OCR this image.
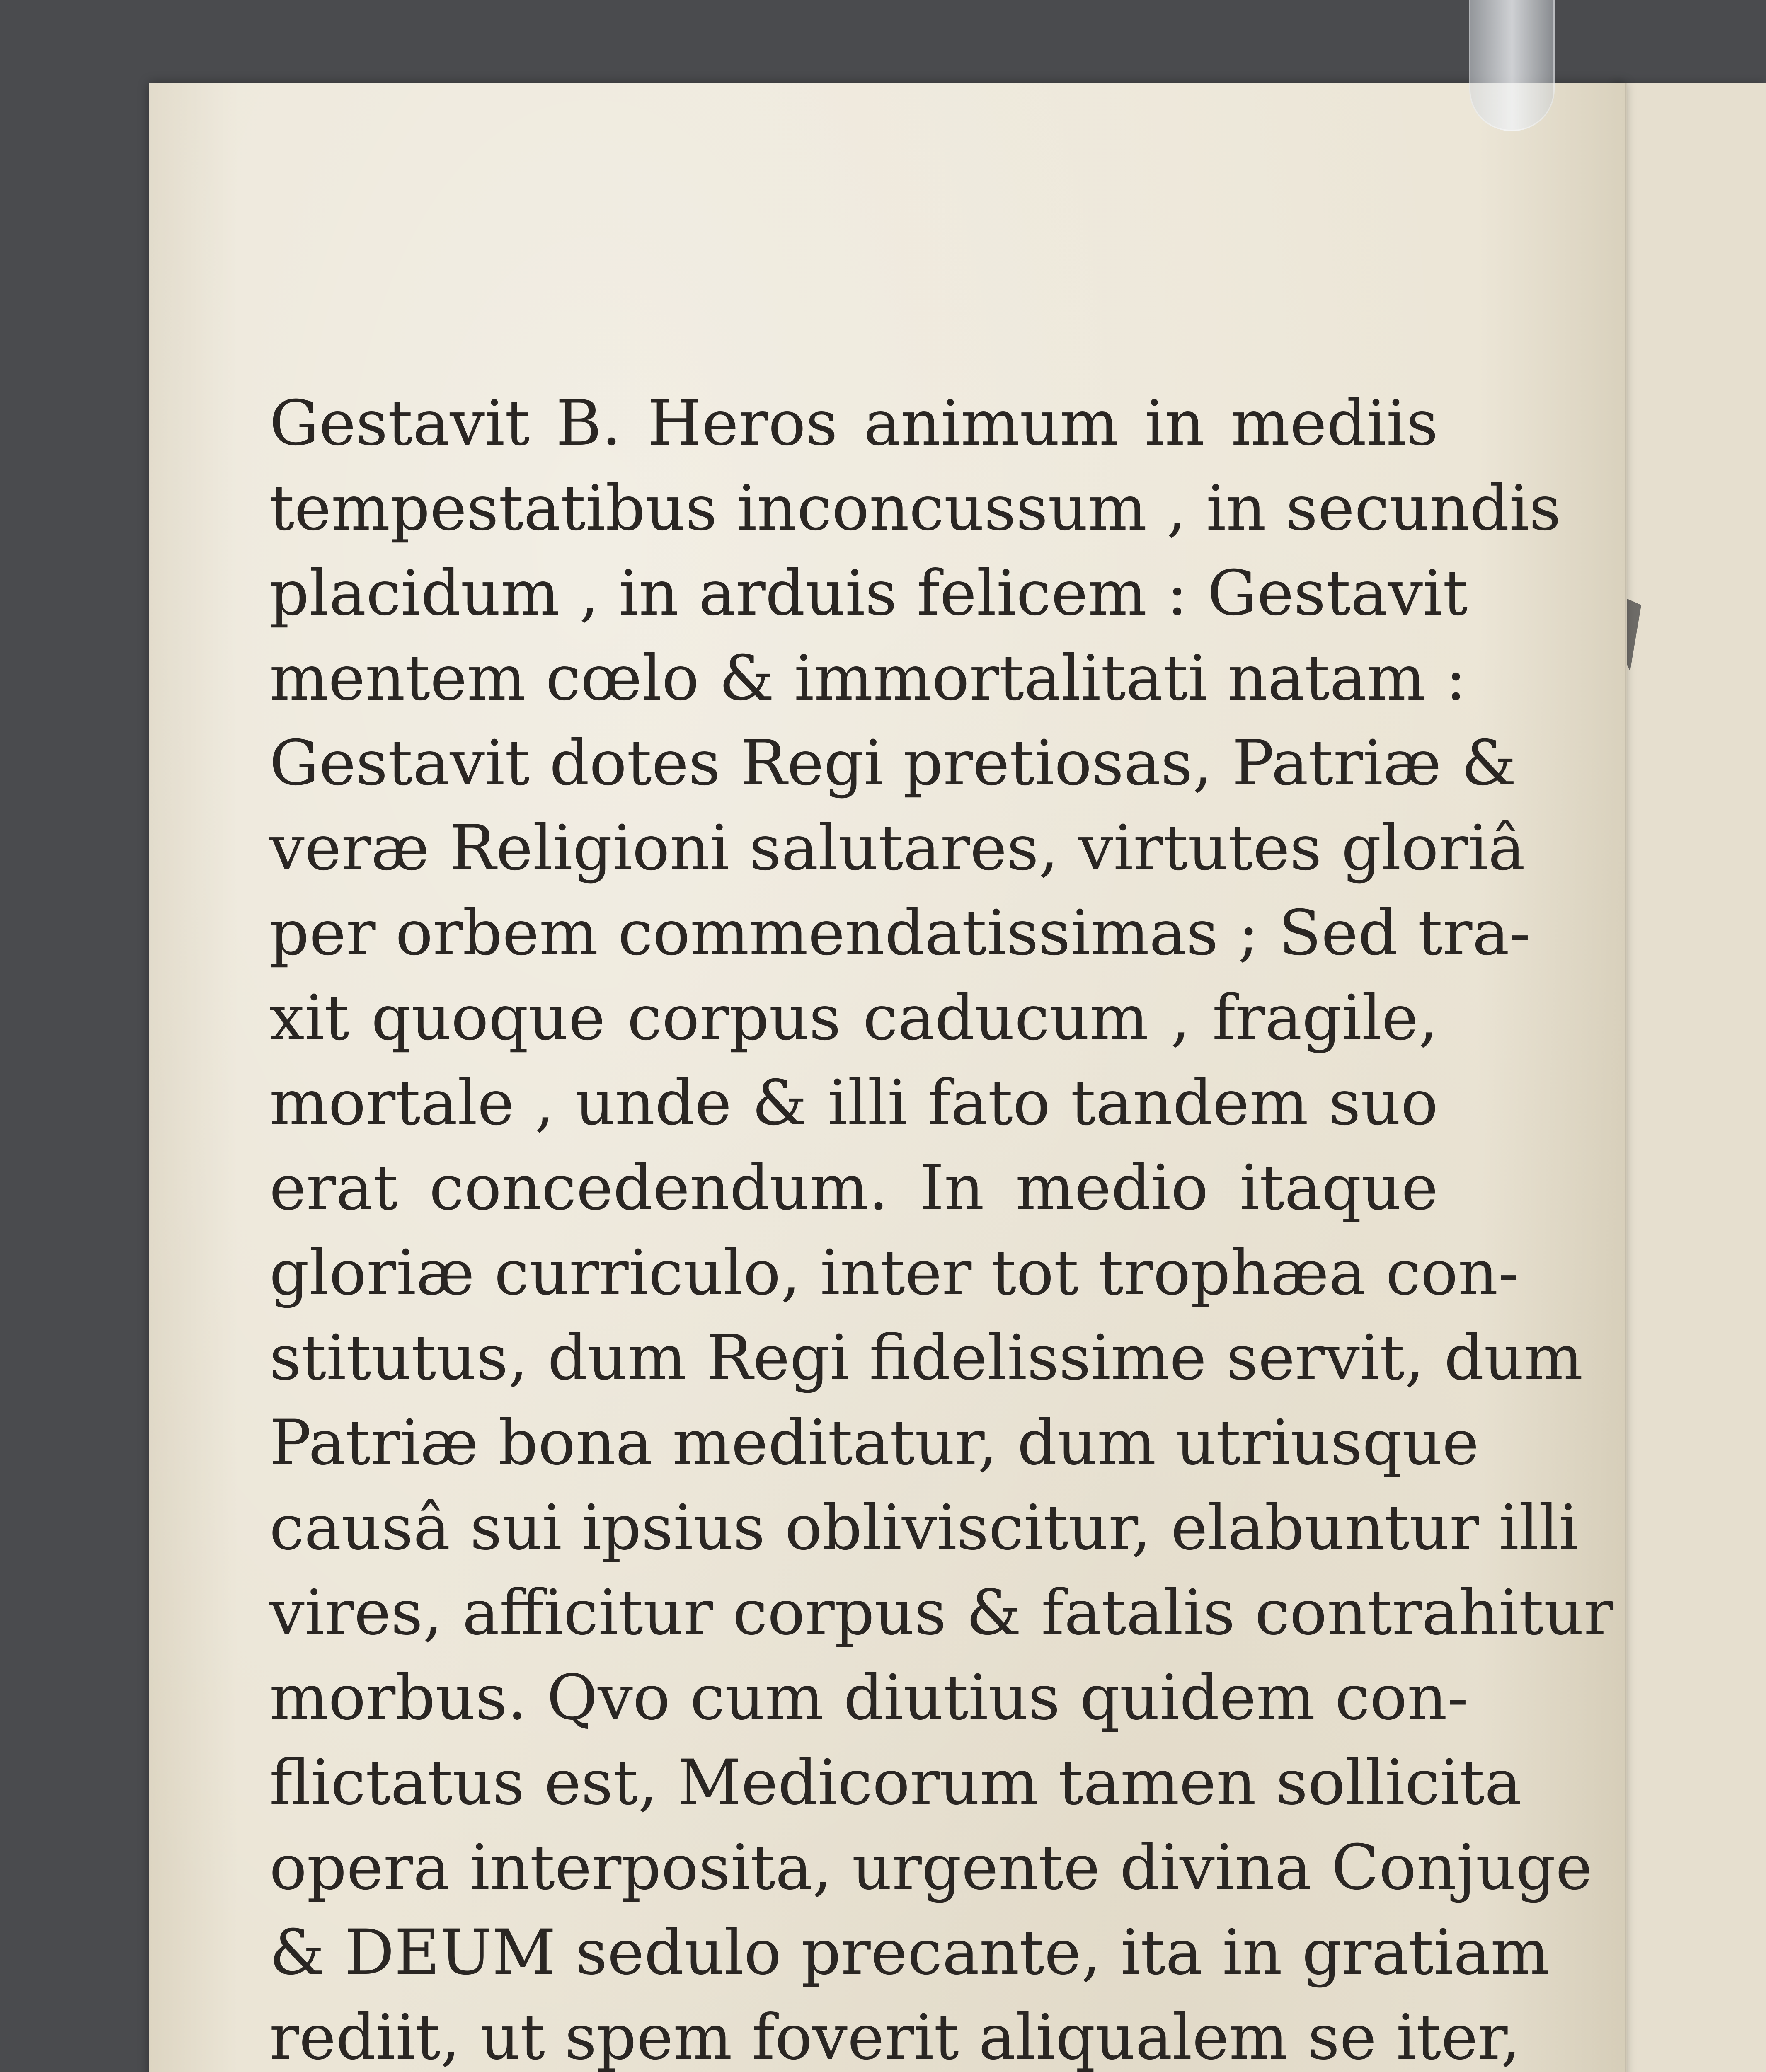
Gestavit B. Heros animum in mediis
tempestatibus inconcussum , in secundis
placidum , in arduis felicem : Gestavit
mentem cœlo & immortalitati natam :
Gestavit dotes Regi pretiosas, Patriæ &
veræ Religioni salutares, virtutes gloriâ
per orbem commendatissimas ; Sed tra-
xit quoque corpus caducum , fragile,
mortale , unde & illi fato tandem suo
erat concedendum. In medio itaque
gloriæ curriculo, inter tot trophæa con-
stitutus, dum Regi fidelissime servit, dum
Patriæ bona meditatur, dum utriusque
causâ sui ipsius obliviscitur, elabuntur illi
vires, afficitur corpus & fatalis contrahitur
morbus. Qvo cum diutius quidem con-
flictatus est, Medicorum tamen sollicita
opera interposita, urgente divina Conjuge
& DEUM sedulo precante, ita in gratiam
rediit, ut spem foverit aliqualem se iter,
